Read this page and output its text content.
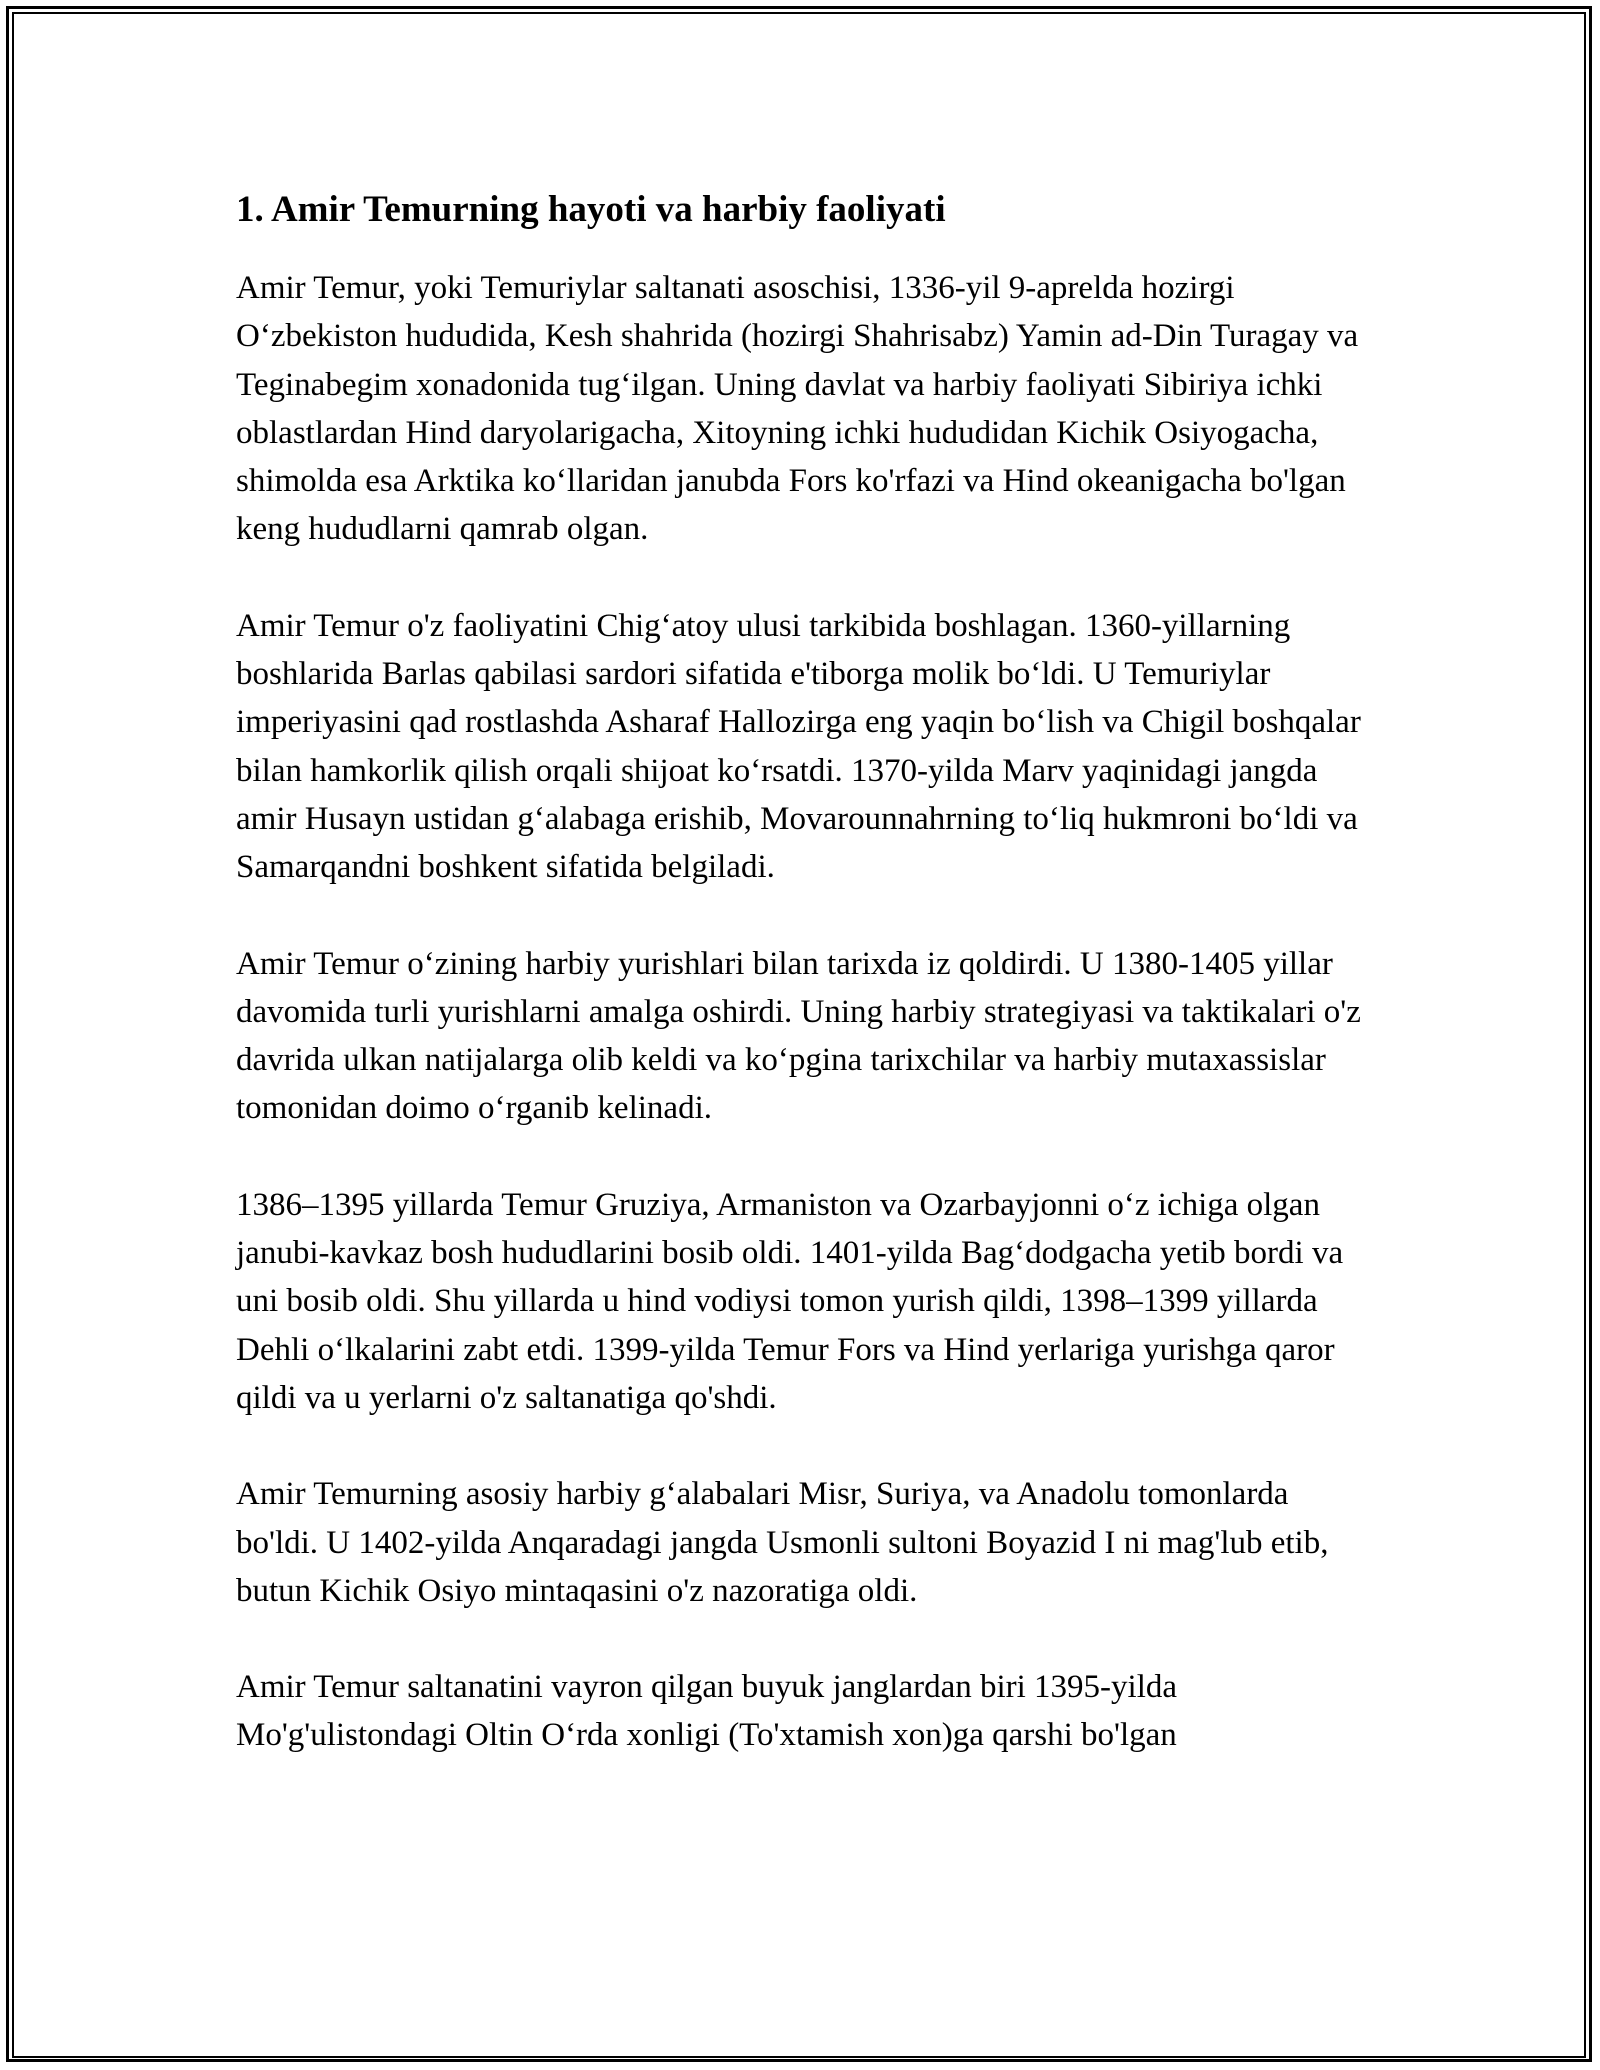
1. Amir Temurning hayoti va harbiy faoliyati

Amir Temur, yoki Temuriylar saltanati asoschisi, 1336-yil 9-aprelda hozirgi O‘zbekiston hududida, Kesh shahrida (hozirgi Shahrisabz) Yamin ad-Din Turagay va Teginabegim xonadonida tug‘ilgan. Uning davlat va harbiy faoliyati Sibiriya ichki oblastlardan Hind daryolarigacha, Xitoyning ichki hududidan Kichik Osiyogacha, shimolda esa Arktika ko‘llaridan janubda Fors ko'rfazi va Hind okeanigacha bo'lgan keng hududlarni qamrab olgan.

Amir Temur o'z faoliyatini Chig‘atoy ulusi tarkibida boshlagan. 1360-yillarning boshlarida Barlas qabilasi sardori sifatida e'tiborga molik bo‘ldi. U Temuriylar imperiyasini qad rostlashda Asharaf Hallozirga eng yaqin bo‘lish va Chigil boshqalar bilan hamkorlik qilish orqali shijoat ko‘rsatdi. 1370-yilda Marv yaqinidagi jangda amir Husayn ustidan g‘alabaga erishib, Movarounnahrning to‘liq hukmroni bo‘ldi va Samarqandni boshkent sifatida belgiladi.

Amir Temur o‘zining harbiy yurishlari bilan tarixda iz qoldirdi. U 1380-1405 yillar davomida turli yurishlarni amalga oshirdi. Uning harbiy strategiyasi va taktikalari o'z davrida ulkan natijalarga olib keldi va ko‘pgina tarixchilar va harbiy mutaxassislar tomonidan doimo o‘rganib kelinadi.

1386–1395 yillarda Temur Gruziya, Armaniston va Ozarbayjonni o‘z ichiga olgan janubi-kavkaz bosh hududlarini bosib oldi. 1401-yilda Bag‘dodgacha yetib bordi va uni bosib oldi. Shu yillarda u hind vodiysi tomon yurish qildi, 1398–1399 yillarda Dehli o‘lkalarini zabt etdi. 1399-yilda Temur Fors va Hind yerlariga yurishga qaror qildi va u yerlarni o'z saltanatiga qo'shdi.

Amir Temurning asosiy harbiy g‘alabalari Misr, Suriya, va Anadolu tomonlarda bo'ldi. U 1402-yilda Anqaradagi jangda Usmonli sultoni Boyazid I ni mag'lub etib, butun Kichik Osiyo mintaqasini o'z nazoratiga oldi.

Amir Temur saltanatini vayron qilgan buyuk janglardan biri 1395-yilda Mo'g'ulistondagi Oltin O‘rda xonligi (To'xtamish xon)ga qarshi bo'lgan
